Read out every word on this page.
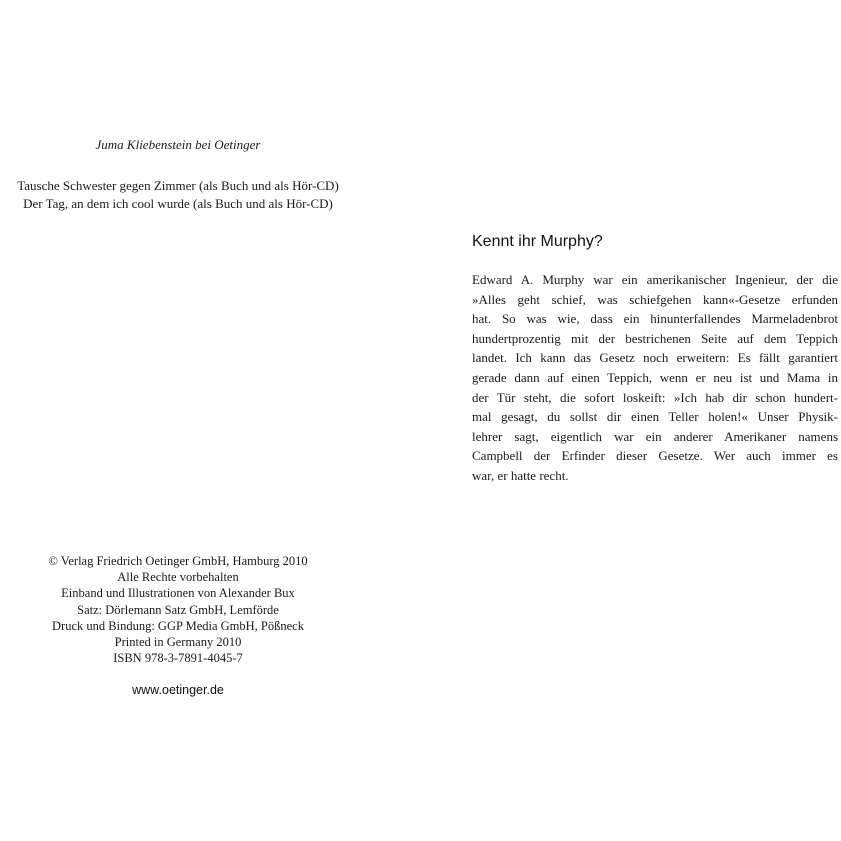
Juma Kliebenstein bei Oetinger
Tausche Schwester gegen Zimmer (als Buch und als Hör-CD)
Der Tag, an dem ich cool wurde (als Buch und als Hör-CD)
© Verlag Friedrich Oetinger GmbH, Hamburg 2010
Alle Rechte vorbehalten
Einband und Illustrationen von Alexander Bux
Satz: Dörlemann Satz GmbH, Lemförde
Druck und Bindung: GGP Media GmbH, Pößneck
Printed in Germany 2010
ISBN 978-3-7891-4045-7
www.oetinger.de
Kennt ihr Murphy?
Edward A. Murphy war ein amerikanischer Ingenieur, der die
»Alles geht schief, was schiefgehen kann«-Gesetze erfunden
hat. So was wie, dass ein hinunterfallendes Marmeladenbrot
hundertprozentig mit der bestrichenen Seite auf dem Teppich
landet. Ich kann das Gesetz noch erweitern: Es fällt garantiert
gerade dann auf einen Teppich, wenn er neu ist und Mama in
der Tür steht, die sofort loskeift: »Ich hab dir schon hundert-
mal gesagt, du sollst dir einen Teller holen!« Unser Physik-
lehrer sagt, eigentlich war ein anderer Amerikaner namens
Campbell der Erfinder dieser Gesetze. Wer auch immer es
war, er hatte recht.
